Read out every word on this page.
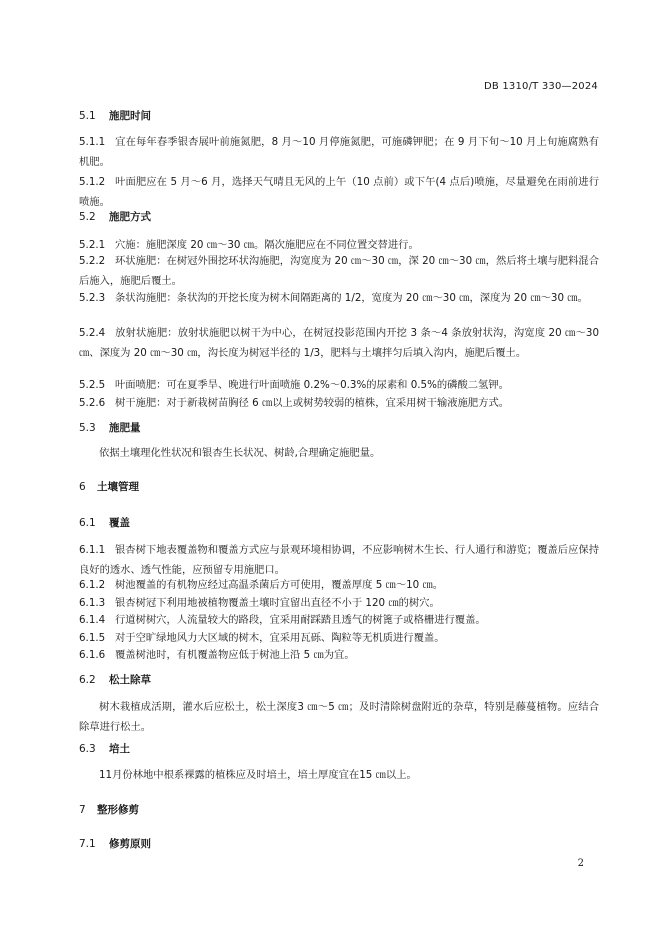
DB 1310/T 330—2024
5.1 施肥时间
5.1.1 宜在每年春季银杏展叶前施氮肥，8 月～10 月停施氮肥，可施磷钾肥；在 9 月下旬～10 月上旬施腐熟有机肥。
5.1.2 叶面肥应在 5 月～6 月，选择天气晴且无风的上午（10 点前）或下午(4 点后)喷施，尽量避免在雨前进行喷施。
5.2 施肥方式
5.2.1 穴施：施肥深度 20 ㎝～30 ㎝。隔次施肥应在不同位置交替进行。
5.2.2 环状施肥：在树冠外围挖环状沟施肥，沟宽度为 20 ㎝～30 ㎝，深 20 ㎝～30 ㎝，然后将土壤与肥料混合后施入，施肥后覆土。
5.2.3 条状沟施肥：条状沟的开挖长度为树木间隔距离的 1/2，宽度为 20 ㎝～30 ㎝，深度为 20 ㎝～30 ㎝。
5.2.4 放射状施肥：放射状施肥以树干为中心，在树冠投影范围内开挖 3 条～4 条放射状沟，沟宽度 20 ㎝～30 ㎝、深度为 20 ㎝～30 ㎝，沟长度为树冠半径的 1/3，肥料与土壤拌匀后填入沟内，施肥后覆土。
5.2.5 叶面喷肥：可在夏季旱、晚进行叶面喷施 0.2%～0.3%的尿素和 0.5%的磷酸二氢钾。
5.2.6 树干施肥：对于新栽树苗胸径 6 ㎝以上或树势较弱的植株，宜采用树干输液施肥方式。
5.3 施肥量
依据土壤理化性状况和银杏生长状况、树龄,合理确定施肥量。
6 土壤管理
6.1 覆盖
6.1.1 银杏树下地表覆盖物和覆盖方式应与景观环境相协调，不应影响树木生长、行人通行和游览；覆盖后应保持良好的透水、透气性能，应预留专用施肥口。
6.1.2 树池覆盖的有机物应经过高温杀菌后方可使用，覆盖厚度 5 ㎝～10 ㎝。
6.1.3 银杏树冠下利用地被植物覆盖土壤时宜留出直径不小于 120 ㎝的树穴。
6.1.4 行道树树穴，人流量较大的路段，宜采用耐踩踏且透气的树篦子或格栅进行覆盖。
6.1.5 对于空旷绿地风力大区域的树木，宜采用瓦砾、陶粒等无机质进行覆盖。
6.1.6 覆盖树池时，有机覆盖物应低于树池上沿 5 ㎝为宜。
6.2 松土除草
树木栽植成活期，灌水后应松土，松土深度3 ㎝～5 ㎝；及时清除树盘附近的杂草，特别是藤蔓植物。应结合除草进行松土。
6.3 培土
11月份林地中根系裸露的植株应及时培土，培土厚度宜在15 ㎝以上。
7 整形修剪
7.1 修剪原则
2
